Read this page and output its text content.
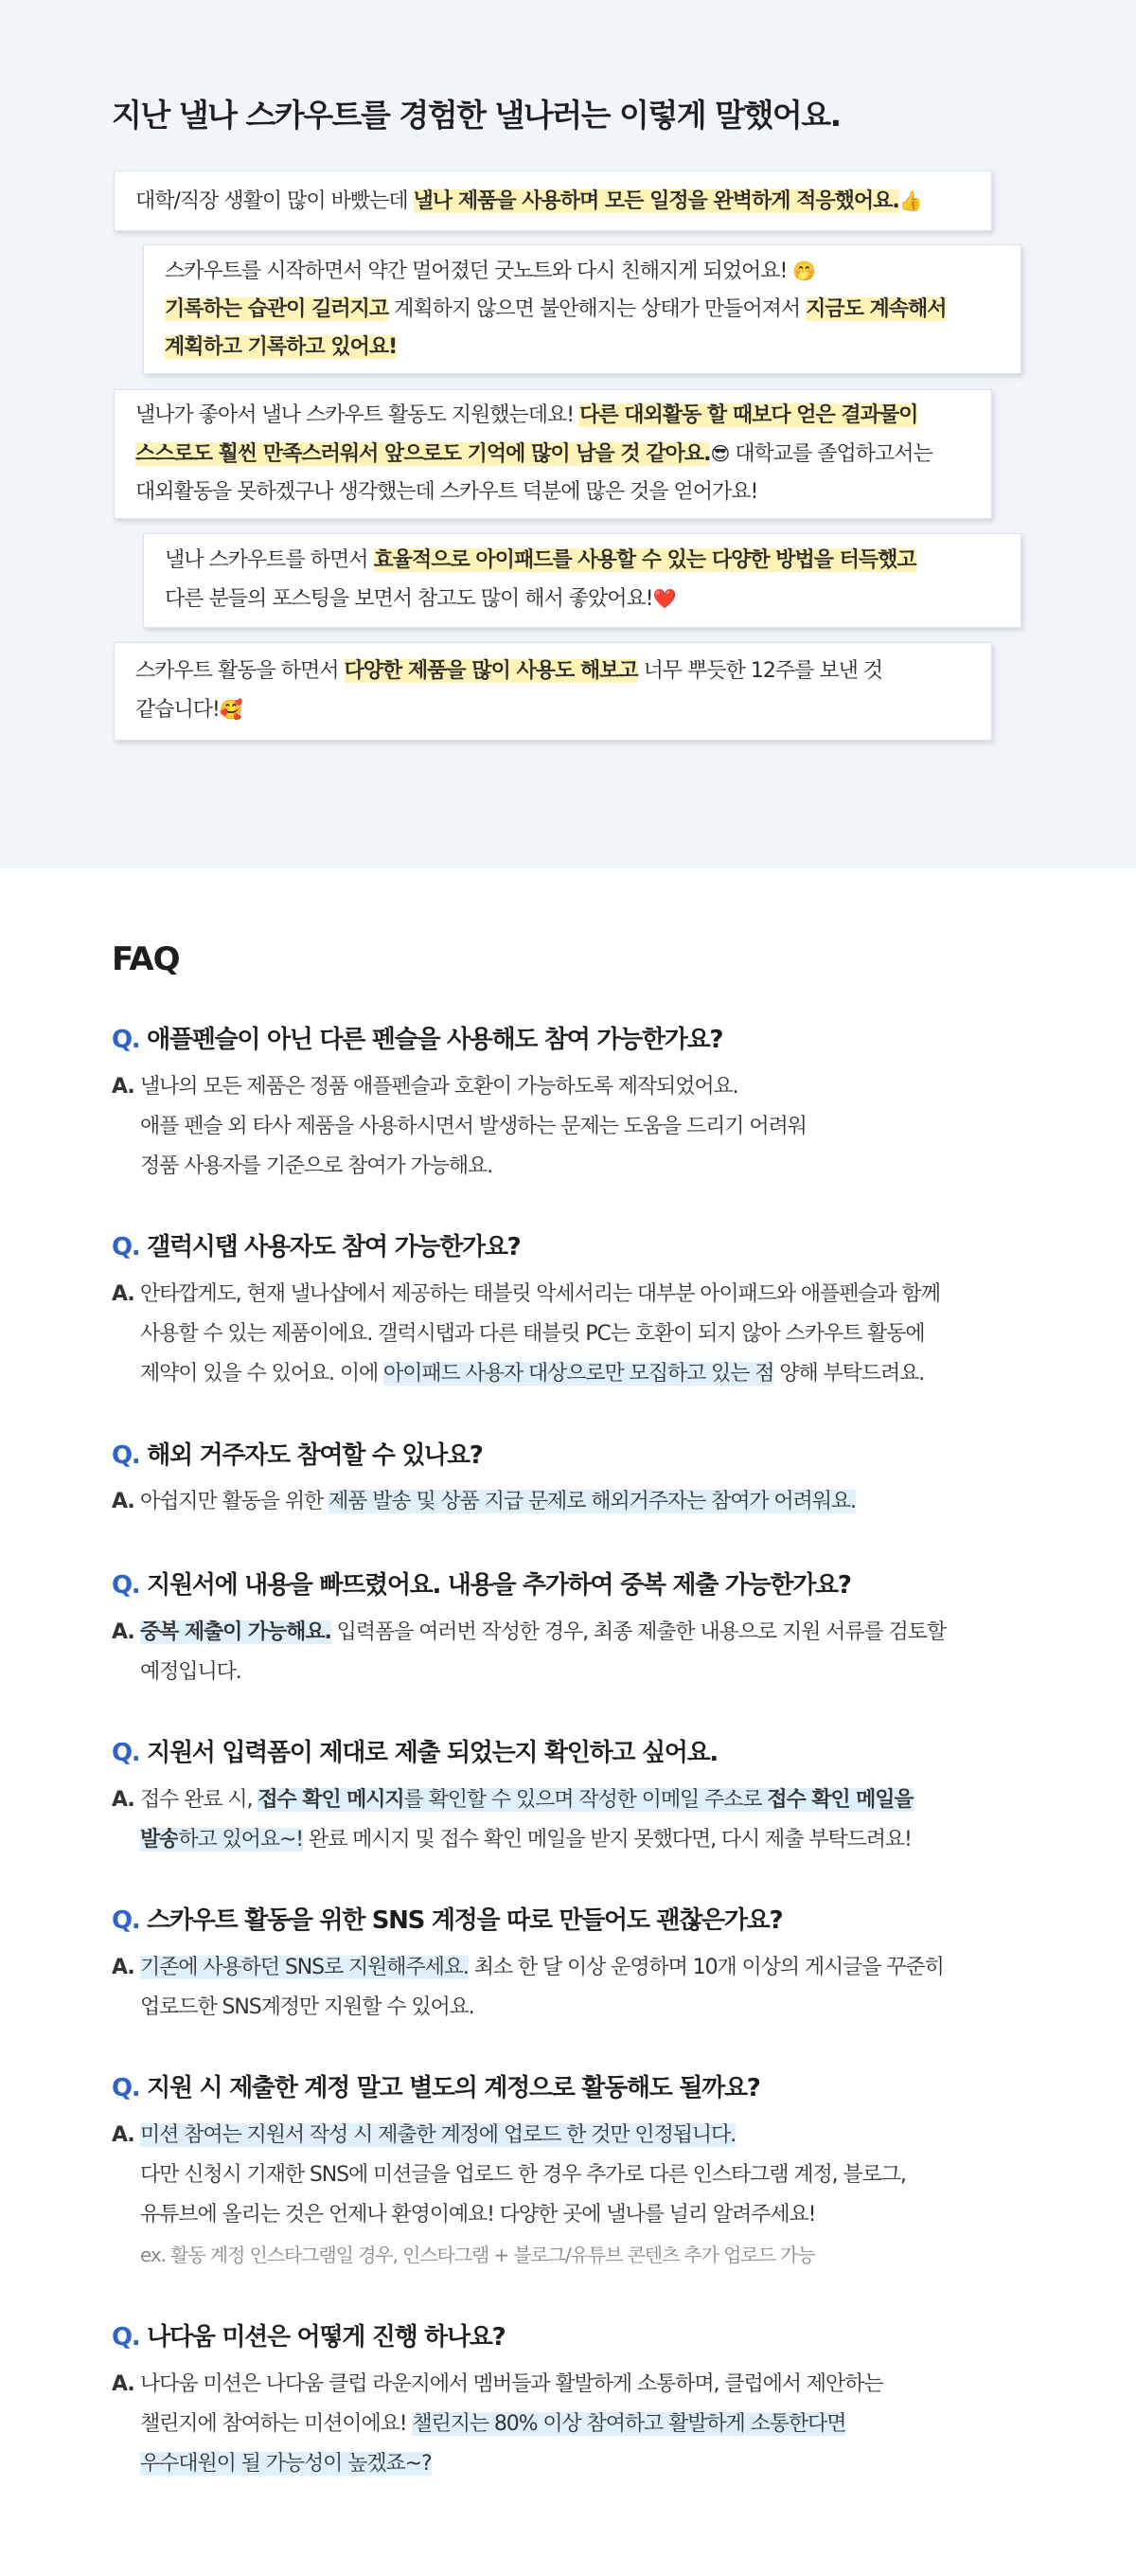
지난 낼나 스카우트를 경험한 낼나러는 이렇게 말했어요.
대학/직장 생활이 많이 바빴는데 낼나 제품을 사용하며 모든 일정을 완벽하게 적응했어요.👍
스카우트를 시작하면서 약간 멀어졌던 굿노트와 다시 친해지게 되었어요! 🤭
기록하는 습관이 길러지고 계획하지 않으면 불안해지는 상태가 만들어져서 지금도 계속해서
계획하고 기록하고 있어요!
낼나가 좋아서 낼나 스카우트 활동도 지원했는데요! 다른 대외활동 할 때보다 얻은 결과물이
스스로도 훨씬 만족스러워서 앞으로도 기억에 많이 남을 것 같아요.😎 대학교를 졸업하고서는
대외활동을 못하겠구나 생각했는데 스카우트 덕분에 많은 것을 얻어가요!
낼나 스카우트를 하면서 효율적으로 아이패드를 사용할 수 있는 다양한 방법을 터득했고
다른 분들의 포스팅을 보면서 참고도 많이 해서 좋았어요!❤️
스카우트 활동을 하면서 다양한 제품을 많이 사용도 해보고 너무 뿌듯한 12주를 보낸 것
같습니다!🥰
FAQ
Q. 애플펜슬이 아닌 다른 펜슬을 사용해도 참여 가능한가요?
A. 낼나의 모든 제품은 정품 애플펜슬과 호환이 가능하도록 제작되었어요.
애플 펜슬 외 타사 제품을 사용하시면서 발생하는 문제는 도움을 드리기 어려워
정품 사용자를 기준으로 참여가 가능해요.
Q. 갤럭시탭 사용자도 참여 가능한가요?
A. 안타깝게도, 현재 낼나샵에서 제공하는 태블릿 악세서리는 대부분 아이패드와 애플펜슬과 함께
사용할 수 있는 제품이에요. 갤럭시탭과 다른 태블릿 PC는 호환이 되지 않아 스카우트 활동에
제약이 있을 수 있어요. 이에 아이패드 사용자 대상으로만 모집하고 있는 점 양해 부탁드려요.
Q. 해외 거주자도 참여할 수 있나요?
A. 아쉽지만 활동을 위한 제품 발송 및 상품 지급 문제로 해외거주자는 참여가 어려워요.
Q. 지원서에 내용을 빠뜨렸어요. 내용을 추가하여 중복 제출 가능한가요?
A. 중복 제출이 가능해요. 입력폼을 여러번 작성한 경우, 최종 제출한 내용으로 지원 서류를 검토할
예정입니다.
Q. 지원서 입력폼이 제대로 제출 되었는지 확인하고 싶어요.
A. 접수 완료 시, 접수 확인 메시지를 확인할 수 있으며 작성한 이메일 주소로 접수 확인 메일을
발송하고 있어요~! 완료 메시지 및 접수 확인 메일을 받지 못했다면, 다시 제출 부탁드려요!
Q. 스카우트 활동을 위한 SNS 계정을 따로 만들어도 괜찮은가요?
A. 기존에 사용하던 SNS로 지원해주세요. 최소 한 달 이상 운영하며 10개 이상의 게시글을 꾸준히
업로드한 SNS계정만 지원할 수 있어요.
Q. 지원 시 제출한 계정 말고 별도의 계정으로 활동해도 될까요?
A. 미션 참여는 지원서 작성 시 제출한 계정에 업로드 한 것만 인정됩니다.
다만 신청시 기재한 SNS에 미션글을 업로드 한 경우 추가로 다른 인스타그램 계정, 블로그,
유튜브에 올리는 것은 언제나 환영이예요! 다양한 곳에 낼나를 널리 알려주세요!
ex. 활동 계정 인스타그램일 경우, 인스타그램 + 블로그/유튜브 콘텐츠 추가 업로드 가능
Q. 나다움 미션은 어떻게 진행 하나요?
A. 나다움 미션은 나다움 클럽 라운지에서 멤버들과 활발하게 소통하며, 클럽에서 제안하는
챌린지에 참여하는 미션이에요! 챌린지는 80% 이상 참여하고 활발하게 소통한다면
우수대원이 될 가능성이 높겠죠~?
